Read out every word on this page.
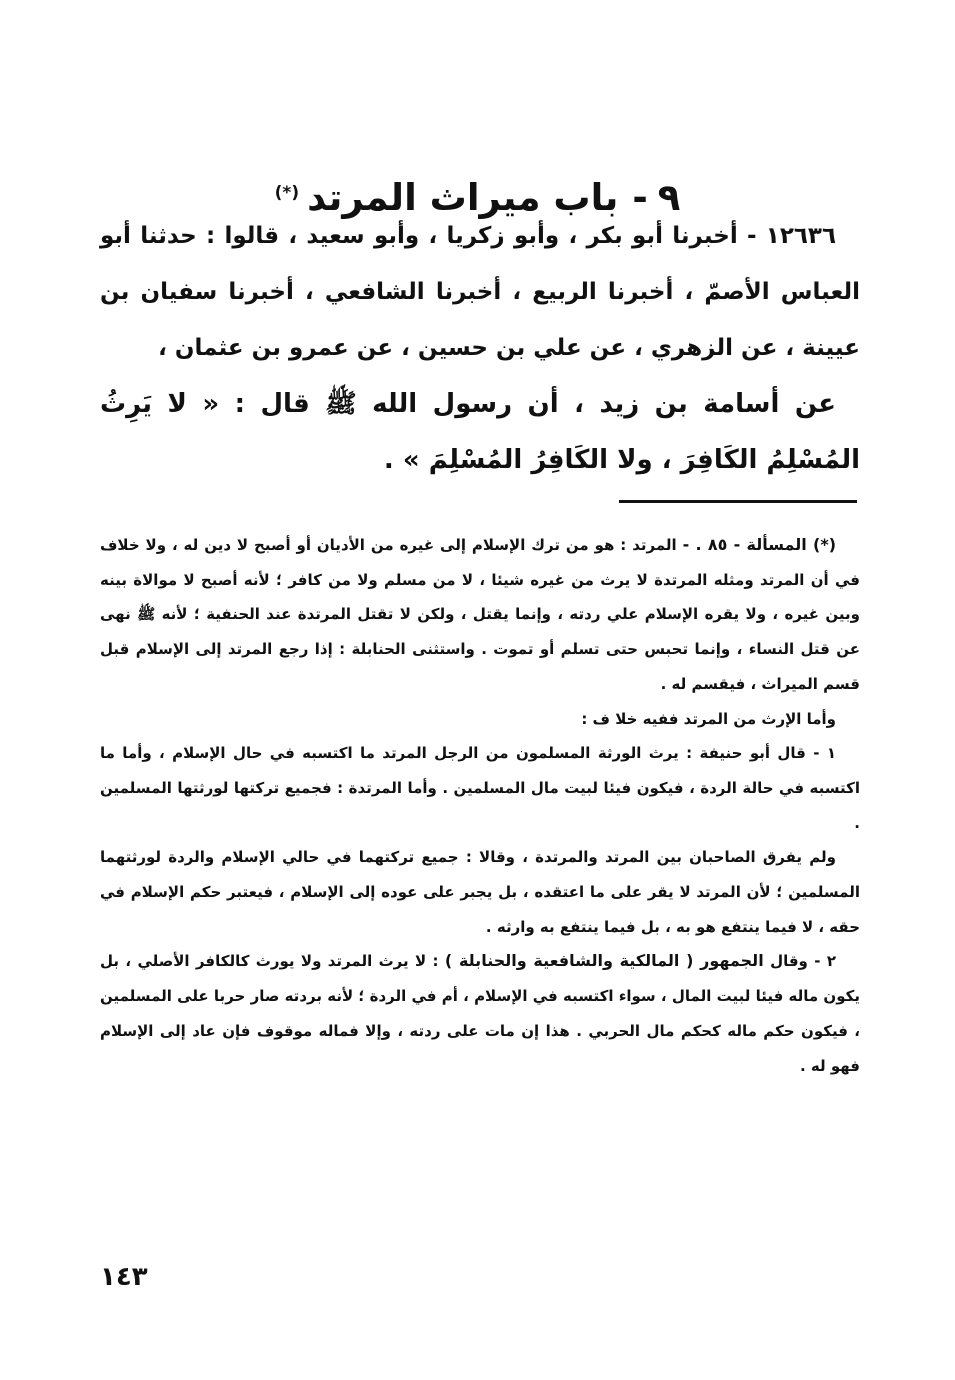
٩-باب ميراث المرتد(*)

١٢٦٣٦ - أخبرنا أبو بكر ، وأبو زكريا ، وأبو سعيد ، قالوا : حدثنا أبو العباس الأصمّ ، أخبرنا الربيع ، أخبرنا الشافعي ، أخبرنا سفيان بن عيينة ، عن الزهري ، عن علي بن حسين ، عن عمرو بن عثمان ،

عن أسامة بن زيد ، أن رسول الله ﷺ قال : « لا يَرِثُ المُسْلِمُ الكَافِرَ ، ولا الكَافِرُ المُسْلِمَ » .

(*) المسألة - ٨٥ . - المرتد : هو من ترك الإسلام إلى غيره من الأديان أو أصبح لا دين له ، ولا خلاف في أن المرتد ومثله المرتدة لا يرث من غيره شيئا ، لا من مسلم ولا من كافر ؛ لأنه أصبح لا موالاة بينه وبين غيره ، ولا يقره الإسلام علي ردته ، وإنما يقتل ، ولكن لا تقتل المرتدة عند الحنفية ؛ لأنه ﷺ نهى عن قتل النساء ، وإنما تحبس حتى تسلم أو تموت . واستثنى الحنابلة : إذا رجع المرتد إلى الإسلام قبل قسم الميراث ، فيقسم له .

وأما الإرث من المرتد ففيه خلا ف :

١ - قال أبو حنيفة : يرث الورثة المسلمون من الرجل المرتد ما اكتسبه في حال الإسلام ، وأما ما اكتسبه في حالة الردة ، فيكون فيئا لبيت مال المسلمين . وأما المرتدة : فجميع تركتها لورثتها المسلمين .

ولم يفرق الصاحبان بين المرتد والمرتدة ، وقالا : جميع تركتهما في حالي الإسلام والردة لورثتهما المسلمين ؛ لأن المرتد لا يقر على ما اعتقده ، بل يجبر على عوده إلى الإسلام ، فيعتبر حكم الإسلام في حقه ، لا فيما ينتفع هو به ، بل فيما ينتفع به وارثه .

٢ - وقال الجمهور ( المالكية والشافعية والحنابلة ) : لا يرث المرتد ولا يورث كالكافر الأصلي ، بل يكون ماله فيئا لبيت المال ، سواء اكتسبه في الإسلام ، أم في الردة ؛ لأنه بردته صار حربا على المسلمين ، فيكون حكم ماله كحكم مال الحربي . هذا إن مات على ردته ، وإلا فماله موقوف فإن عاد إلى الإسلام فهو له .

١٤٣
